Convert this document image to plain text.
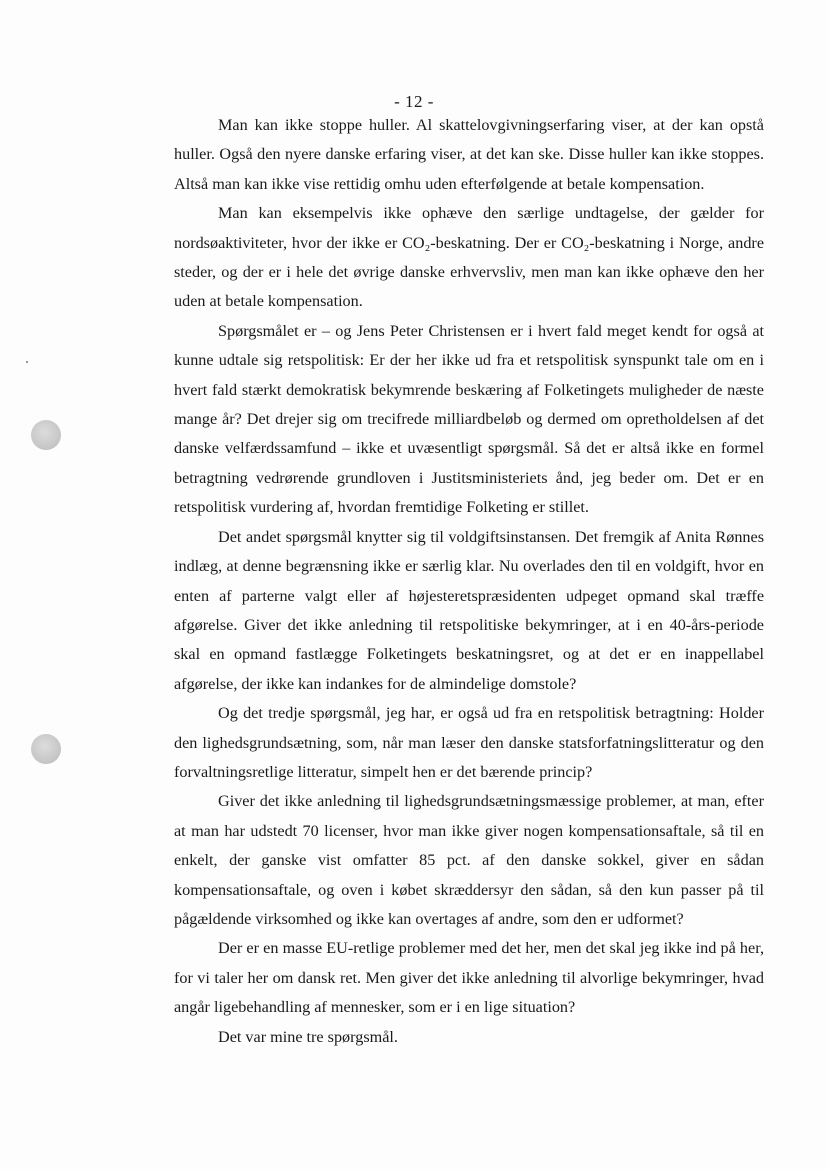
- 12 -

Man kan ikke stoppe huller. Al skattelovgivningserfaring viser, at der kan opstå huller. Også den nyere danske erfaring viser, at det kan ske. Disse huller kan ikke stoppes. Altså man kan ikke vise rettidig omhu uden efterfølgende at betale kompensation.

Man kan eksempelvis ikke ophæve den særlige undtagelse, der gælder for nordsøaktiviteter, hvor der ikke er CO₂-beskatning. Der er CO₂-beskatning i Norge, andre steder, og der er i hele det øvrige danske erhvervsliv, men man kan ikke ophæve den her uden at betale kompensation.

Spørgsmålet er – og Jens Peter Christensen er i hvert fald meget kendt for også at kunne udtale sig retspolitisk: Er der her ikke ud fra et retspolitisk synspunkt tale om en i hvert fald stærkt demokratisk bekymrende beskæring af Folketingets muligheder de næste mange år? Det drejer sig om trecifrede milliardbeløb og dermed om opretholdelsen af det danske velfærdssamfund – ikke et uvæsentligt spørgsmål. Så det er altså ikke en formel betragtning vedrørende grundloven i Justitsministeriets ånd, jeg beder om. Det er en retspolitisk vurdering af, hvordan fremtidige Folketing er stillet.

Det andet spørgsmål knytter sig til voldgiftsinstansen. Det fremgik af Anita Rønnes indlæg, at denne begrænsning ikke er særlig klar. Nu overlades den til en voldgift, hvor en enten af parterne valgt eller af højesteretspræsidenten udpeget opmand skal træffe afgørelse. Giver det ikke anledning til retspolitiske bekymringer, at i en 40-års-periode skal en opmand fastlægge Folketingets beskatningsret, og at det er en inappellabel afgørelse, der ikke kan indankes for de almindelige domstole?

Og det tredje spørgsmål, jeg har, er også ud fra en retspolitisk betragtning: Holder den lighedsgrundsætning, som, når man læser den danske statsforfatningslitteratur og den forvaltningsretlige litteratur, simpelt hen er det bærende princip?

Giver det ikke anledning til lighedsgrundsætningsmæssige problemer, at man, efter at man har udstedt 70 licenser, hvor man ikke giver nogen kompensationsaftale, så til en enkelt, der ganske vist omfatter 85 pct. af den danske sokkel, giver en sådan kompensationsaftale, og oven i købet skræddersyr den sådan, så den kun passer på til pågældende virksomhed og ikke kan overtages af andre, som den er udformet?

Der er en masse EU-retlige problemer med det her, men det skal jeg ikke ind på her, for vi taler her om dansk ret. Men giver det ikke anledning til alvorlige bekymringer, hvad angår ligebehandling af mennesker, som er i en lige situation?

Det var mine tre spørgsmål.
